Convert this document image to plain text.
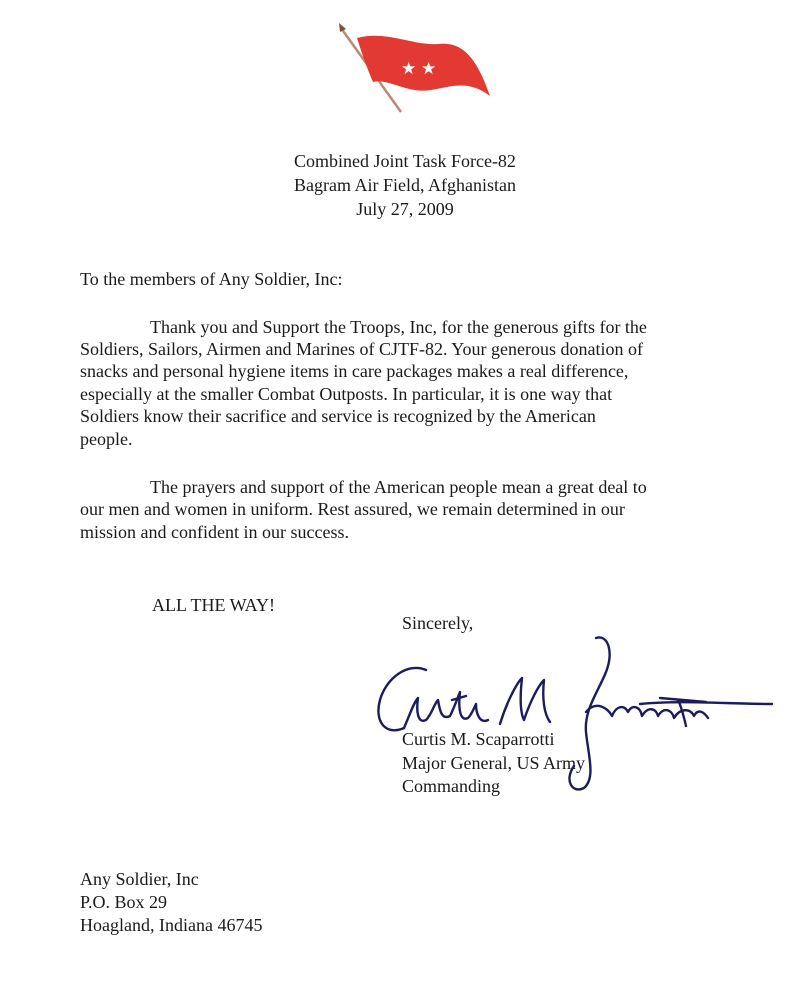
★ ★

Combined Joint Task Force-82

Bagram Air Field, Afghanistan

July 27, 2009

To the members of Any Soldier, Inc:

Thank you and Support the Troops, Inc, for the generous gifts for the

Soldiers, Sailors, Airmen and Marines of CJTF-82. Your generous donation of

snacks and personal hygiene items in care packages makes a real difference,

especially at the smaller Combat Outposts. In particular, it is one way that

Soldiers know their sacrifice and service is recognized by the American

people.

The prayers and support of the American people mean a great deal to

our men and women in uniform. Rest assured, we remain determined in our

mission and confident in our success.

ALL THE WAY!

Sincerely,

Curtis M. Scaparrotti

Major General, US Army

Commanding

Any Soldier, Inc

P.O. Box 29

Hoagland, Indiana 46745
